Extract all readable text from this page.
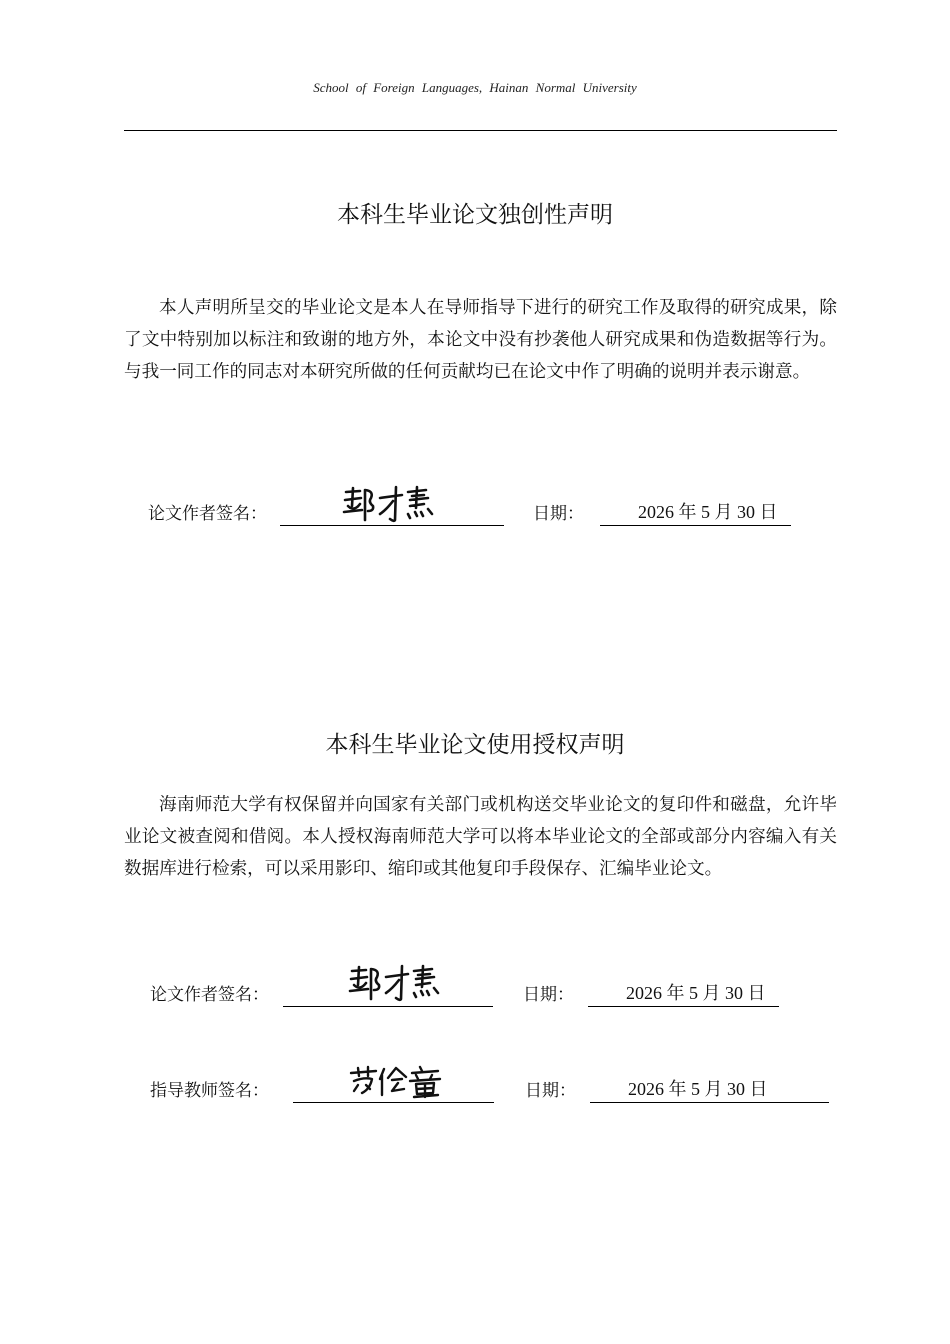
School of Foreign Languages, Hainan Normal University
本科生毕业论文独创性声明
本人声明所呈交的毕业论文是本人在导师指导下进行的研究工作及取得的研究成果，除了文中特别加以标注和致谢的地方外，本论文中没有抄袭他人研究成果和伪造数据等行为。与我一同工作的同志对本研究所做的任何贡献均已在论文中作了明确的说明并表示谢意。
论文作者签名：	日期：	2026 年 5 月 30 日
本科生毕业论文使用授权声明
海南师范大学有权保留并向国家有关部门或机构送交毕业论文的复印件和磁盘，允许毕业论文被查阅和借阅。本人授权海南师范大学可以将本毕业论文的全部或部分内容编入有关数据库进行检索，可以采用影印、缩印或其他复印手段保存、汇编毕业论文。
论文作者签名：	日期：	2026 年 5 月 30 日
指导教师签名：	日期：	2026 年 5 月 30 日
